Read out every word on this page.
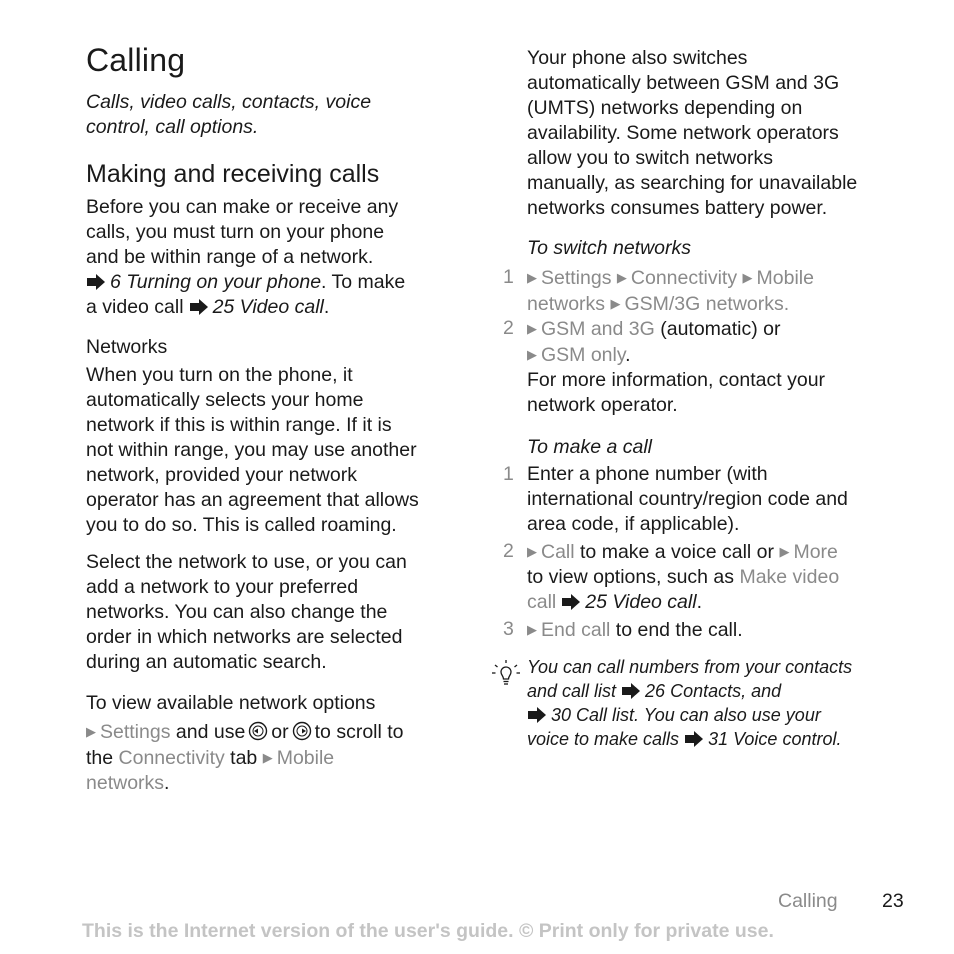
Calling
Calls, video calls, contacts, voice
control, call options.
Making and receiving calls
Before you can make or receive any
calls, you must turn on your phone
and be within range of a network.
6 Turning on your phone. To make
a video call 25 Video call.
Networks
When you turn on the phone, it
automatically selects your home
network if this is within range. If it is
not within range, you may use another
network, provided your network
operator has an agreement that allows
you to do so. This is called roaming.
Select the network to use, or you can
add a network to your preferred
networks. You can also change the
order in which networks are selected
during an automatic search.
To view available network options
▶ Settings and use or to scroll to
the Connectivity tab ▶ Mobile
networks.
Your phone also switches
automatically between GSM and 3G
(UMTS) networks depending on
availability. Some network operators
allow you to switch networks
manually, as searching for unavailable
networks consumes battery power.
To switch networks
1	▶ Settings ▶ Connectivity ▶ Mobile
networks ▶ GSM/3G networks.
2	▶ GSM and 3G (automatic) or
▶ GSM only.
For more information, contact your
network operator.
To make a call
1 Enter a phone number (with
international country/region code and
area code, if applicable).
2	▶ Call to make a voice call or ▶ More
to view options, such as Make video
call 25 Video call.
3	▶ End call to end the call.
You can call numbers from your contacts
and call list 26 Contacts, and
30 Call list. You can also use your
voice to make calls 31 Voice control.
Calling 23
This is the Internet version of the user's guide. © Print only for private use.
